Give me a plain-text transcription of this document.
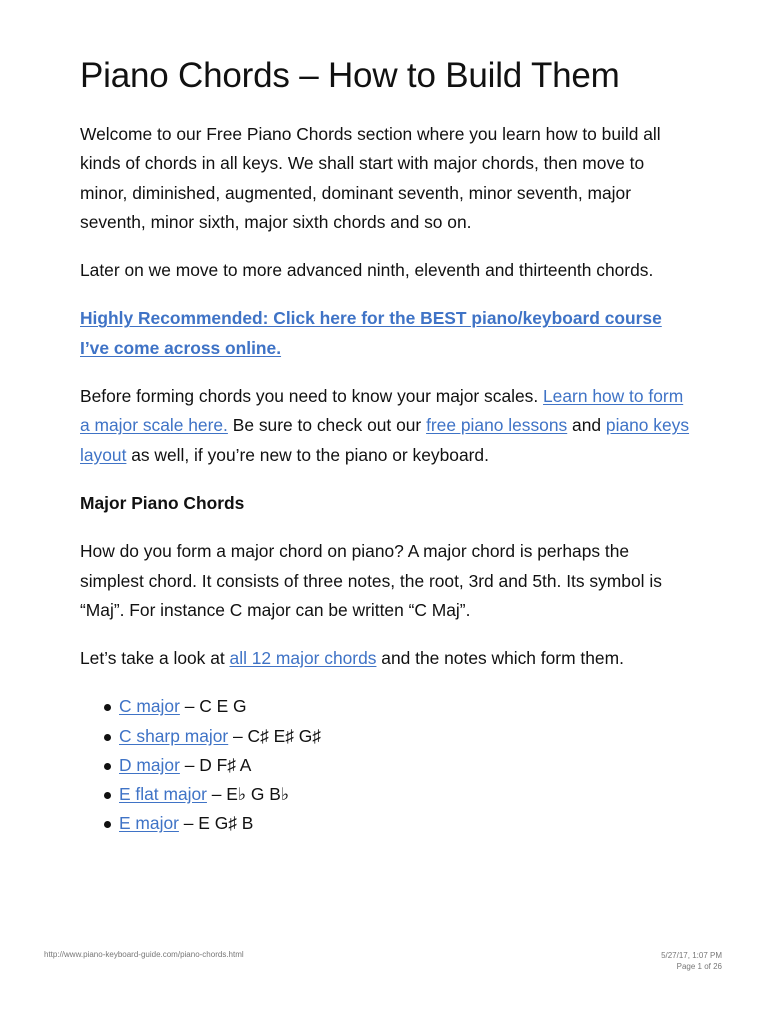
Piano Chords – How to Build Them

Welcome to our Free Piano Chords section where you learn how to build all kinds of chords in all keys. We shall start with major chords, then move to minor, diminished, augmented, dominant seventh, minor seventh, major seventh, minor sixth, major sixth chords and so on.

Later on we move to more advanced ninth, eleventh and thirteenth chords.

Highly Recommended: Click here for the BEST piano/keyboard course I’ve come across online.

Before forming chords you need to know your major scales. Learn how to form a major scale here. Be sure to check out our free piano lessons and piano keys layout as well, if you’re new to the piano or keyboard.

Major Piano Chords

How do you form a major chord on piano? A major chord is perhaps the simplest chord. It consists of three notes, the root, 3rd and 5th. Its symbol is “Maj”. For instance C major can be written “C Maj”.

Let’s take a look at all 12 major chords and the notes which form them.

C major – C E G
C sharp major – C♯ E♯ G♯
D major – D F♯ A
E flat major – E♭ G B♭
E major – E G♯ B
http://www.piano-keyboard-guide.com/piano-chords.html	5/27/17, 1:07 PM
Page 1 of 26
